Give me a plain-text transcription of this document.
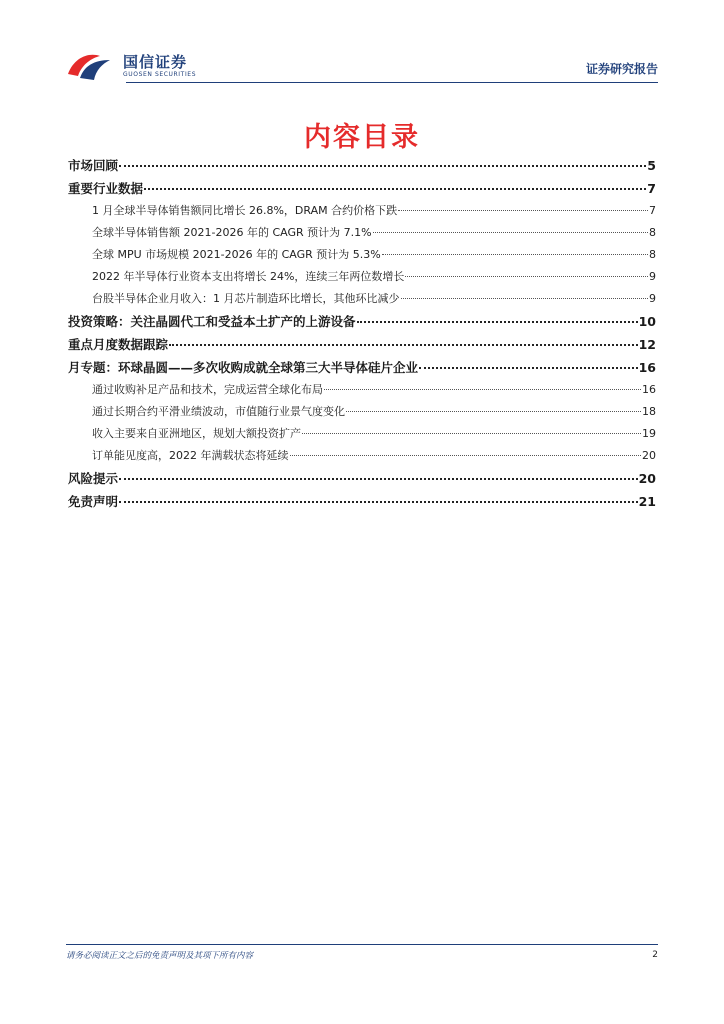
国信证券
GUOSEN SECURITIES	证券研究报告
内容目录
市场回顾	5
重要行业数据	7
1 月全球半导体销售额同比增长 26.8%，DRAM 合约价格下跌	7
全球半导体销售额 2021-2026 年的 CAGR 预计为 7.1%	8
全球 MPU 市场规模 2021-2026 年的 CAGR 预计为 5.3%	8
2022 年半导体行业资本支出将增长 24%，连续三年两位数增长	9
台股半导体企业月收入：1 月芯片制造环比增长，其他环比减少	9
投资策略：关注晶圆代工和受益本土扩产的上游设备	10
重点月度数据跟踪	12
月专题：环球晶圆——多次收购成就全球第三大半导体硅片企业	16
通过收购补足产品和技术，完成运营全球化布局	16
通过长期合约平滑业绩波动，市值随行业景气度变化	18
收入主要来自亚洲地区，规划大额投资扩产	19
订单能见度高，2022 年满载状态将延续	20
风险提示	20
免责声明	21
请务必阅读正文之后的免责声明及其项下所有内容	2
